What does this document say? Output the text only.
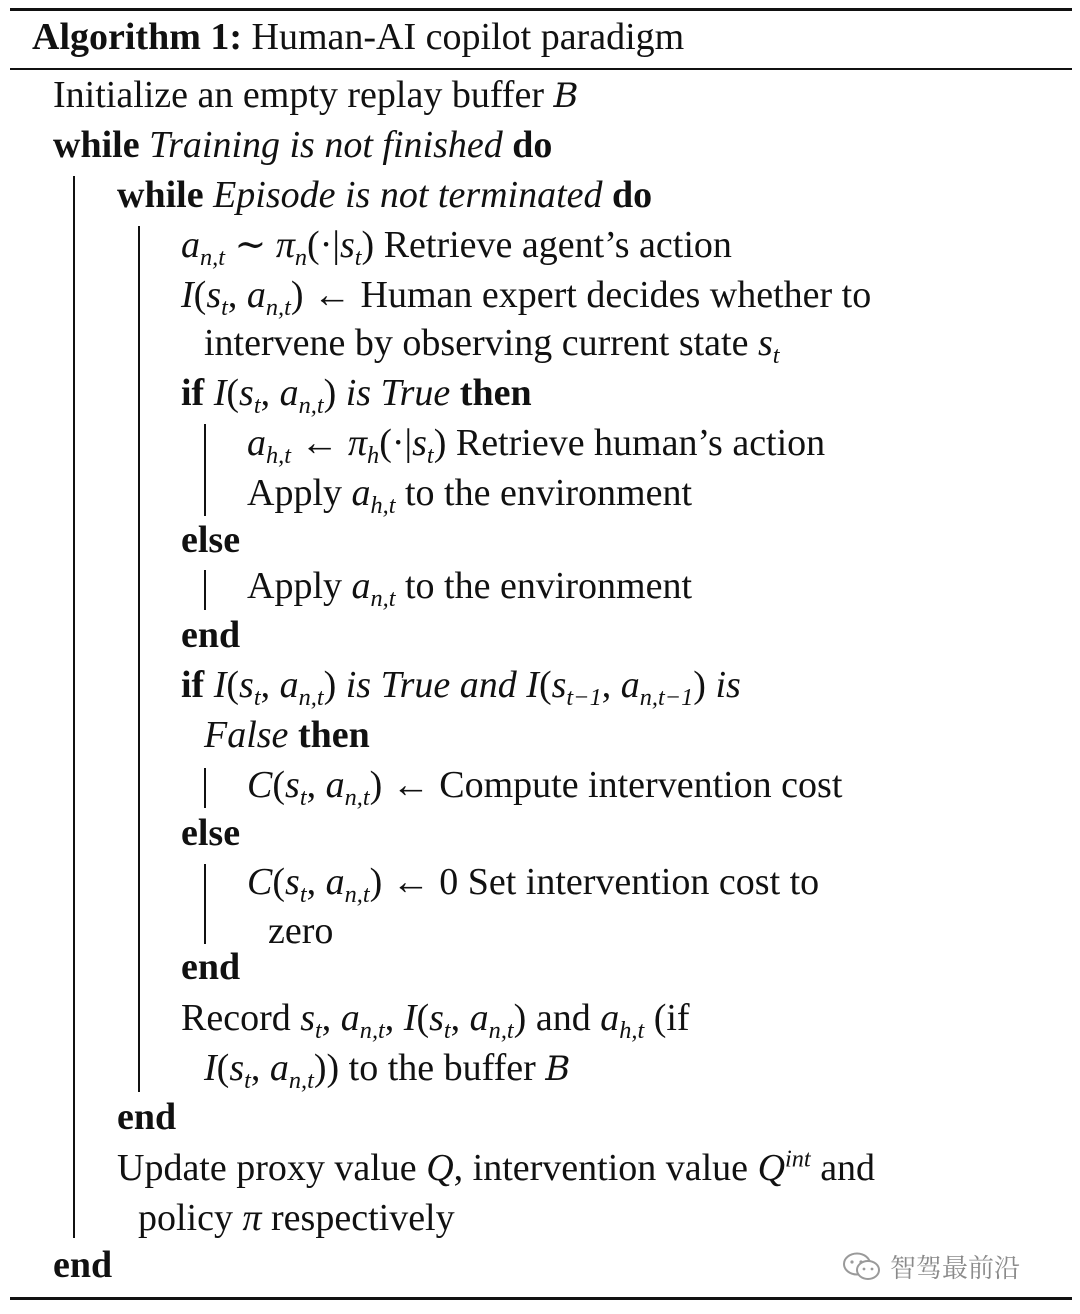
Algorithm 1: Human-AI copilot paradigm
Initialize an empty replay buffer B
while Training is not finished do
while Episode is not terminated do
$a_{n,t}$ ∼ $\pi_n(\cdot|s_t)$ Retrieve agent’s action
$I(s_t$, $a_{n,t}$) ← Human expert decides whether to
intervene by observing current state $s_t$
if $I(s_t$, $a_{n,t}$) is True then
$a_{h,t}$ ← $\pi_h(\cdot|s_t)$ Retrieve human’s action
Apply $a_{h,t}$ to the environment
else
Apply $a_{n,t}$ to the environment
end
if $I(s_t$, $a_{n,t}$) is True and $I(s_{t-1}$, $a_{n,t-1}$) is
False then
$C(s_t$, $a_{n,t}$) ← Compute intervention cost
else
$C(s_t$, $a_{n,t}$) ← 0 Set intervention cost to
zero
end
Record $s_t$, $a_{n,t}$, $I(s_t$, $a_{n,t}$) and $a_{h,t}$ (if
$I(s_t$, $a_{n,t}$)) to the buffer B
end
Update proxy value Q, intervention value $Q^{int}$ and
policy π respectively
end	智驾最前沿
